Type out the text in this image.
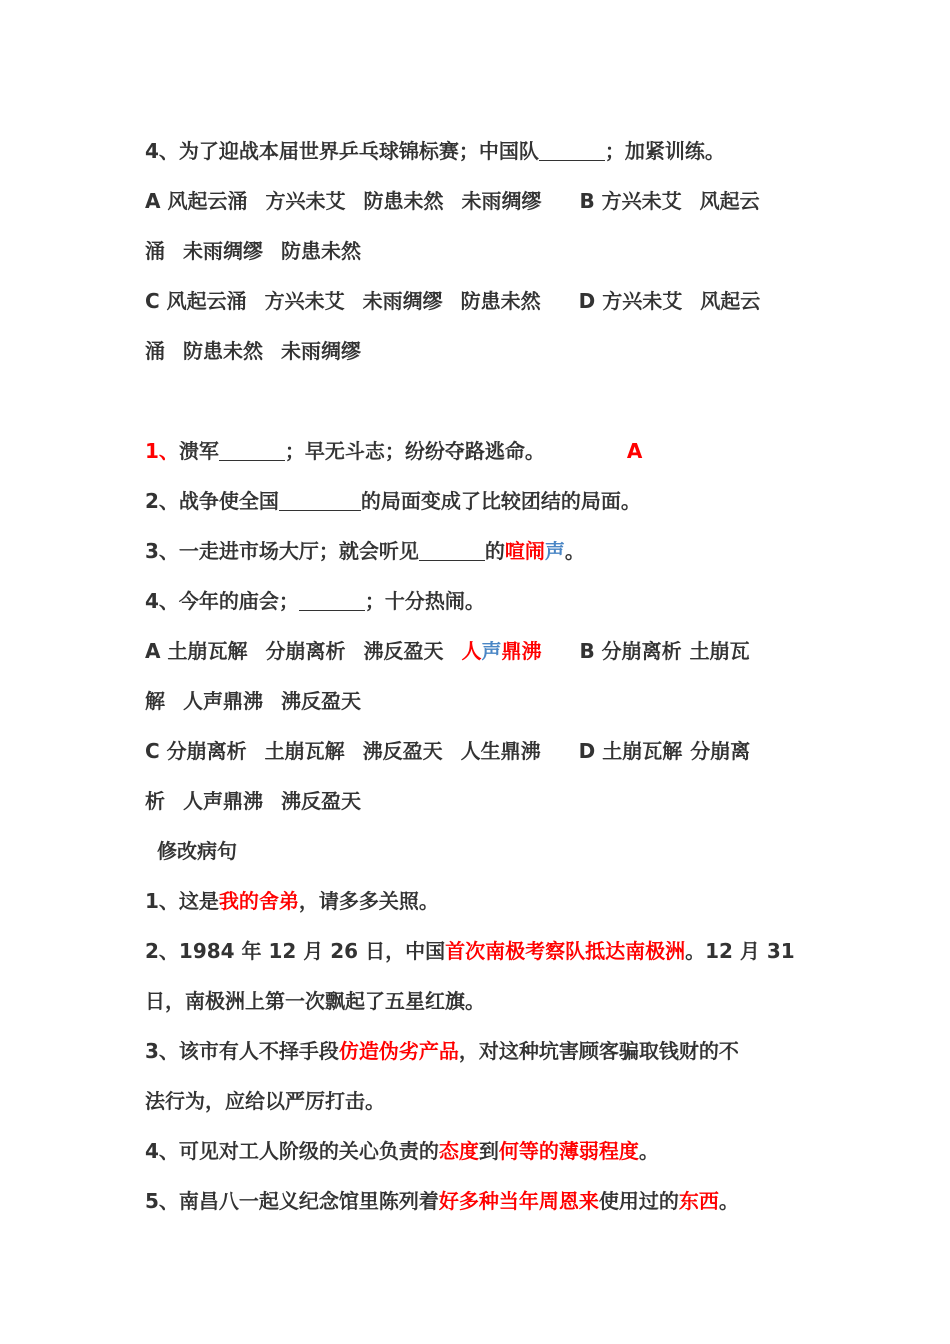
4、为了迎战本届世界乒乓球锦标赛；中国队	；加紧训练。
A 风起云涌 方兴未艾 防患未然 未雨绸缪 B 方兴未艾 风起云
涌 未雨绸缪 防患未然
C 风起云涌 方兴未艾 未雨绸缪 防患未然 D 方兴未艾 风起云
涌 防患未然 未雨绸缪
1、溃军	；早无斗志；纷纷夺路逃命。	A
2、战争使全国	的局面变成了比较团结的局面。
3、一走进市场大厅；就会听见	的喧闹声。
4、今年的庙会；	；十分热闹。
A 土崩瓦解 分崩离析 沸反盈天 人声鼎沸 B 分崩离析 土崩瓦
解 人声鼎沸 沸反盈天
C 分崩离析 土崩瓦解 沸反盈天 人生鼎沸 D 土崩瓦解 分崩离
析 人声鼎沸 沸反盈天
修改病句
1、这是我的舍弟，请多多关照。
2、1984 年 12 月 26 日，中国首次南极考察队抵达南极洲。12 月 31
日，南极洲上第一次飘起了五星红旗。
3、该市有人不择手段仿造伪劣产品，对这种坑害顾客骗取钱财的不
法行为，应给以严厉打击。
4、可见对工人阶级的关心负责的态度到何等的薄弱程度。
5、南昌八一起义纪念馆里陈列着好多种当年周恩来使用过的东西。
